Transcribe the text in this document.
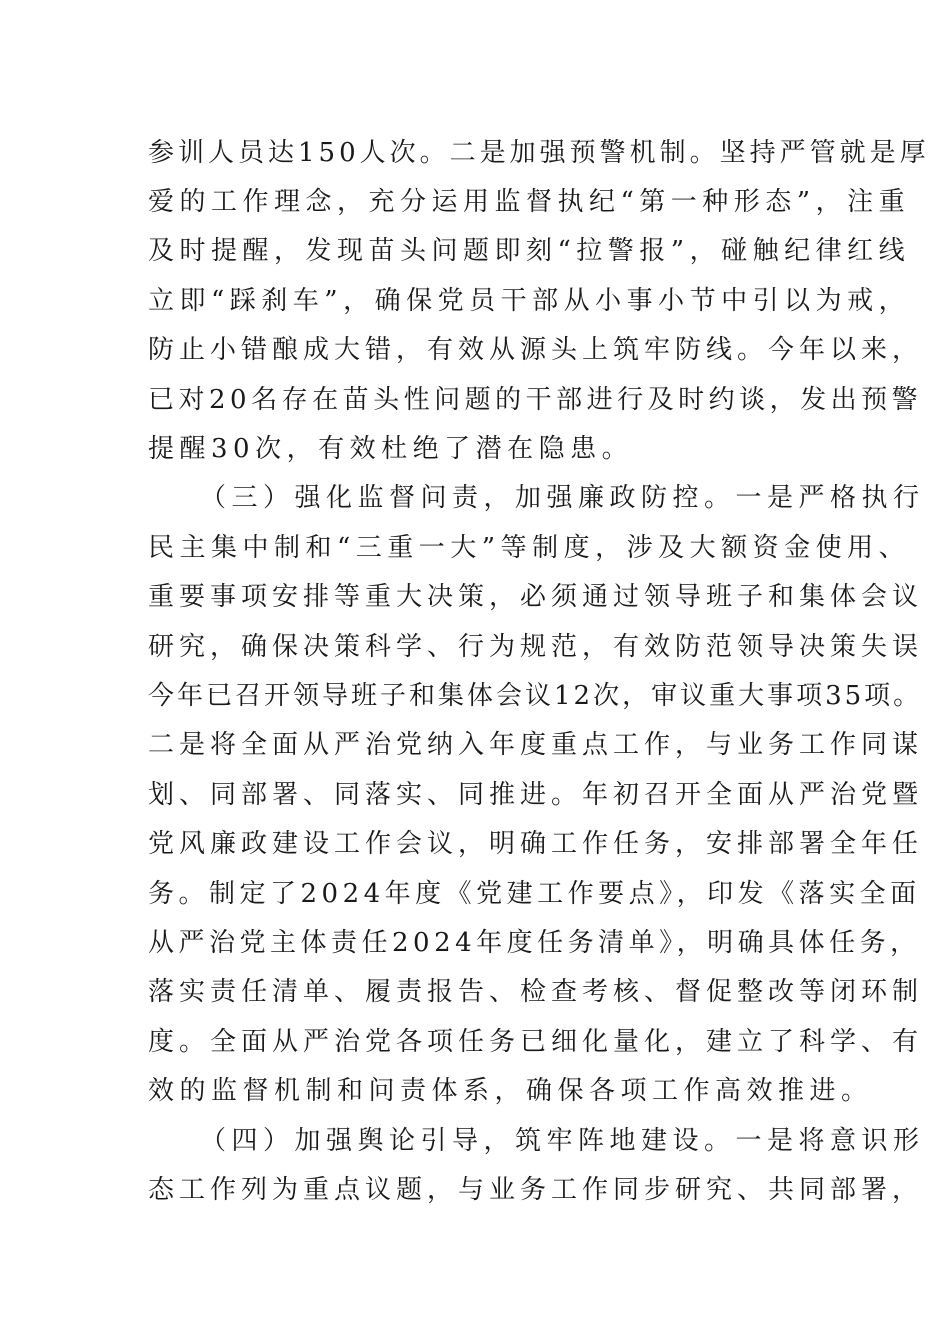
参训人员达150人次。二是加强预警机制。坚持严管就是厚

爱的工作理念，充分运用监督执纪“第一种形态”，注重

及时提醒，发现苗头问题即刻“拉警报”，碰触纪律红线

立即“踩刹车”，确保党员干部从小事小节中引以为戒，

防止小错酿成大错，有效从源头上筑牢防线。今年以来，

已对20名存在苗头性问题的干部进行及时约谈，发出预警

提醒30次，有效杜绝了潜在隐患。

（三）强化监督问责，加强廉政防控。一是严格执行

民主集中制和“三重一大”等制度，涉及大额资金使用、

重要事项安排等重大决策，必须通过领导班子和集体会议

研究，确保决策科学、行为规范，有效防范领导决策失误

今年已召开领导班子和集体会议12次，审议重大事项35项。

二是将全面从严治党纳入年度重点工作，与业务工作同谋

划、同部署、同落实、同推进。年初召开全面从严治党暨

党风廉政建设工作会议，明确工作任务，安排部署全年任

务。制定了2024年度《党建工作要点》，印发《落实全面

从严治党主体责任2024年度任务清单》，明确具体任务，

落实责任清单、履责报告、检查考核、督促整改等闭环制

度。全面从严治党各项任务已细化量化，建立了科学、有

效的监督机制和问责体系，确保各项工作高效推进。

（四）加强舆论引导，筑牢阵地建设。一是将意识形

态工作列为重点议题，与业务工作同步研究、共同部署，
